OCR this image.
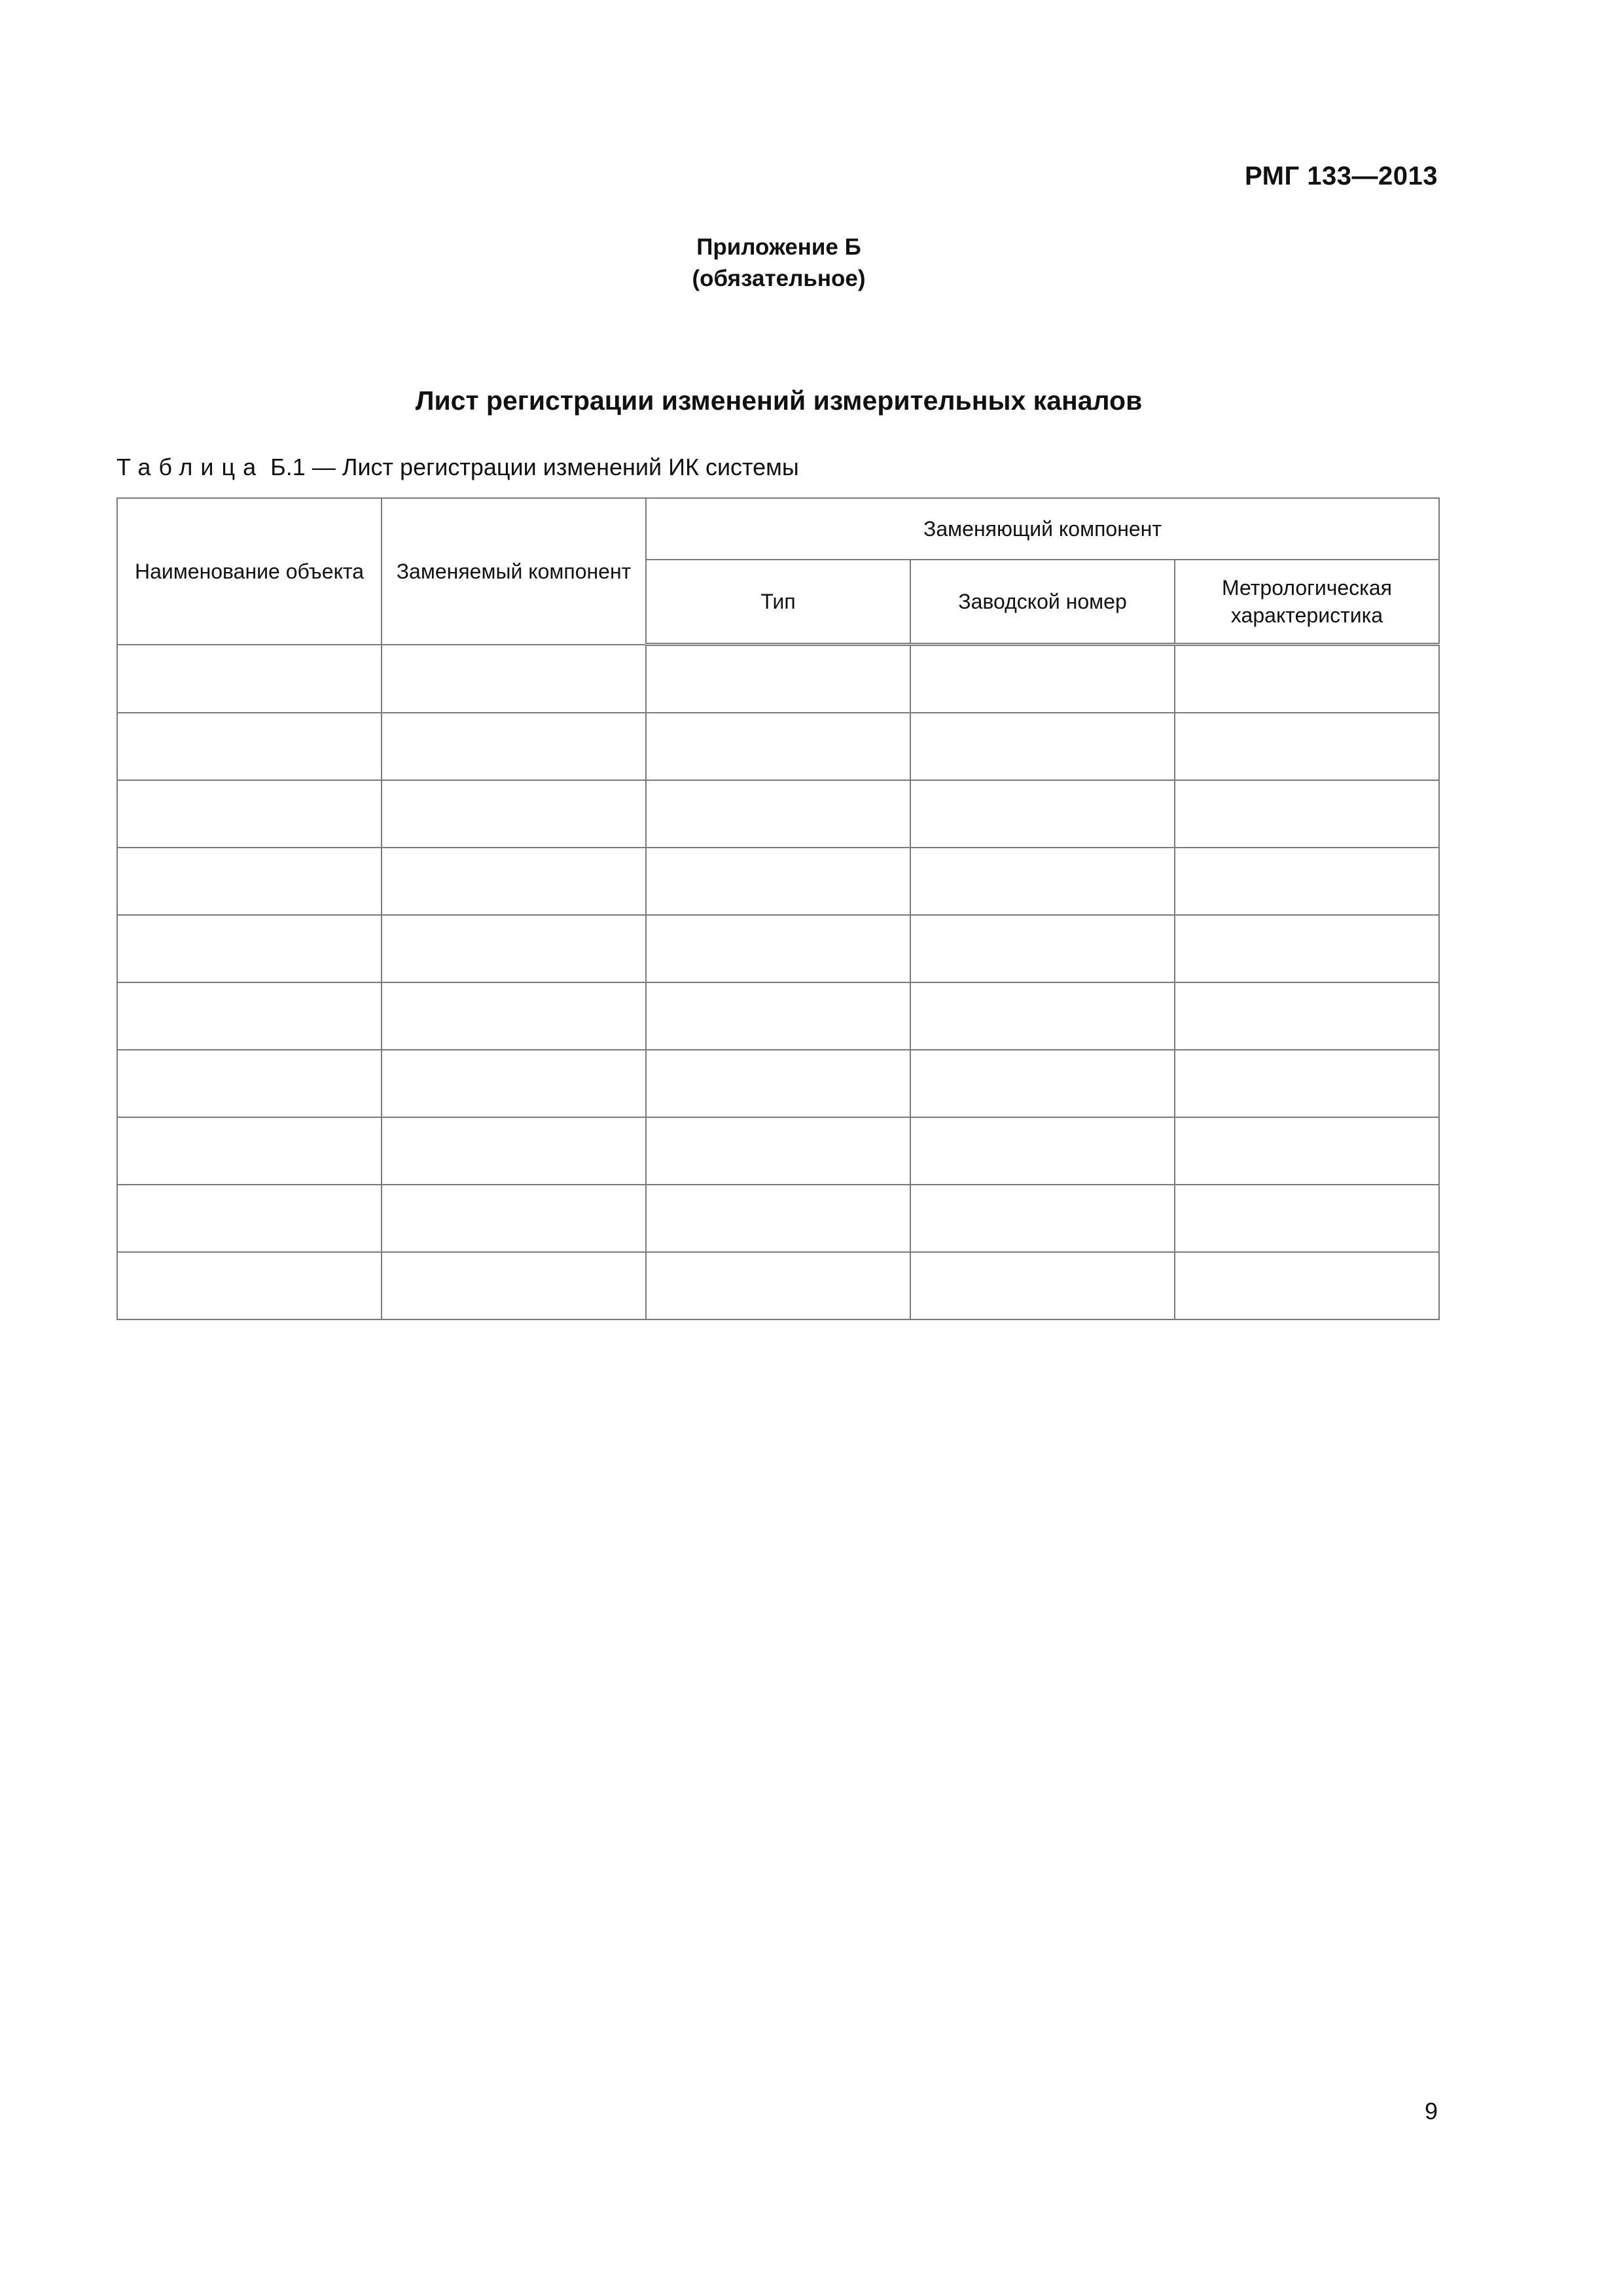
РМГ 133—2013
Приложение Б
(обязательное)
Лист регистрации изменений измерительных каналов
Таблица Б.1 — Лист регистрации изменений ИК системы
Наименование объекта	Заменяемый компонент	Заменяющий компонент		
		Тип	Заводской номер	Метрологическая характеристика

9
